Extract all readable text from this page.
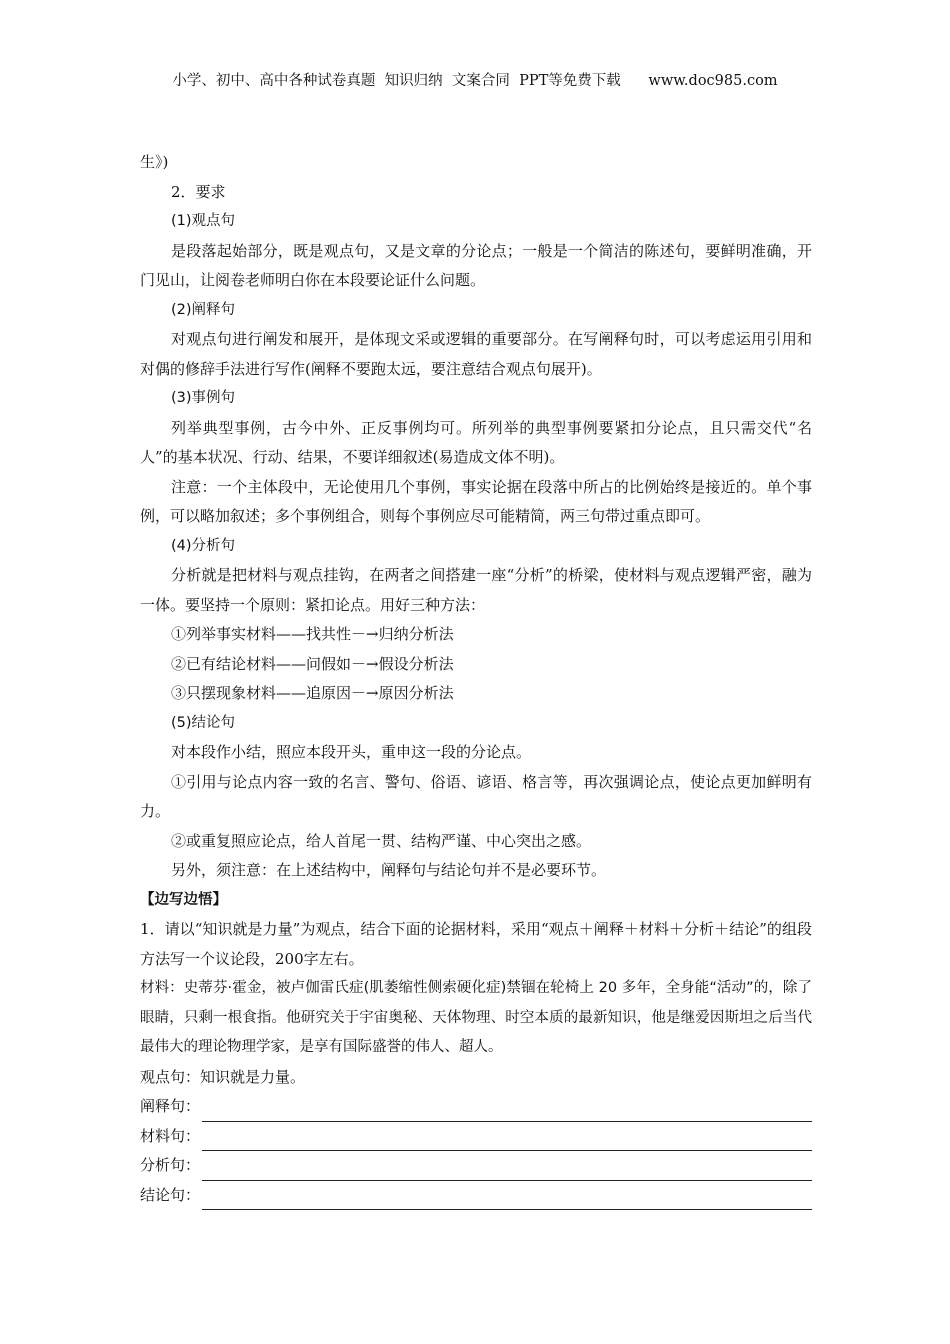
小学、初中、高中各种试卷真题  知识归纳  文案合同  PPT等免费下载      www.doc985.com
生》)
2．要求
(1)观点句
是段落起始部分，既是观点句，又是文章的分论点；一般是一个简洁的陈述句，要鲜明准确，开门见山，让阅卷老师明白你在本段要论证什么问题。
(2)阐释句
对观点句进行阐发和展开，是体现文采或逻辑的重要部分。在写阐释句时，可以考虑运用引用和对偶的修辞手法进行写作(阐释不要跑太远，要注意结合观点句展开)。
(3)事例句
列举典型事例，古今中外、正反事例均可。所列举的典型事例要紧扣分论点，且只需交代“名人”的基本状况、行动、结果，不要详细叙述(易造成文体不明)。
注意：一个主体段中，无论使用几个事例，事实论据在段落中所占的比例始终是接近的。单个事例，可以略加叙述；多个事例组合，则每个事例应尽可能精简，两三句带过重点即可。
(4)分析句
分析就是把材料与观点挂钩，在两者之间搭建一座“分析”的桥梁，使材料与观点逻辑严密，融为一体。要坚持一个原则：紧扣论点。用好三种方法：
①列举事实材料——找共性－→归纳分析法
②已有结论材料——问假如－→假设分析法
③只摆现象材料——追原因－→原因分析法
(5)结论句
对本段作小结，照应本段开头，重申这一段的分论点。
①引用与论点内容一致的名言、警句、俗语、谚语、格言等，再次强调论点，使论点更加鲜明有力。
②或重复照应论点，给人首尾一贯、结构严谨、中心突出之感。
另外，须注意：在上述结构中，阐释句与结论句并不是必要环节。
【边写边悟】
1．请以“知识就是力量”为观点，结合下面的论据材料，采用“观点＋阐释＋材料＋分析＋结论”的组段方法写一个议论段，200字左右。
材料：史蒂芬·霍金，被卢伽雷氏症(肌萎缩性侧索硬化症)禁锢在轮椅上 20 多年，全身能“活动”的，除了眼睛，只剩一根食指。他研究关于宇宙奥秘、天体物理、时空本质的最新知识，他是继爱因斯坦之后当代最伟大的理论物理学家，是享有国际盛誉的伟人、超人。
观点句：知识就是力量。
阐释句：
材料句：
分析句：
结论句：
